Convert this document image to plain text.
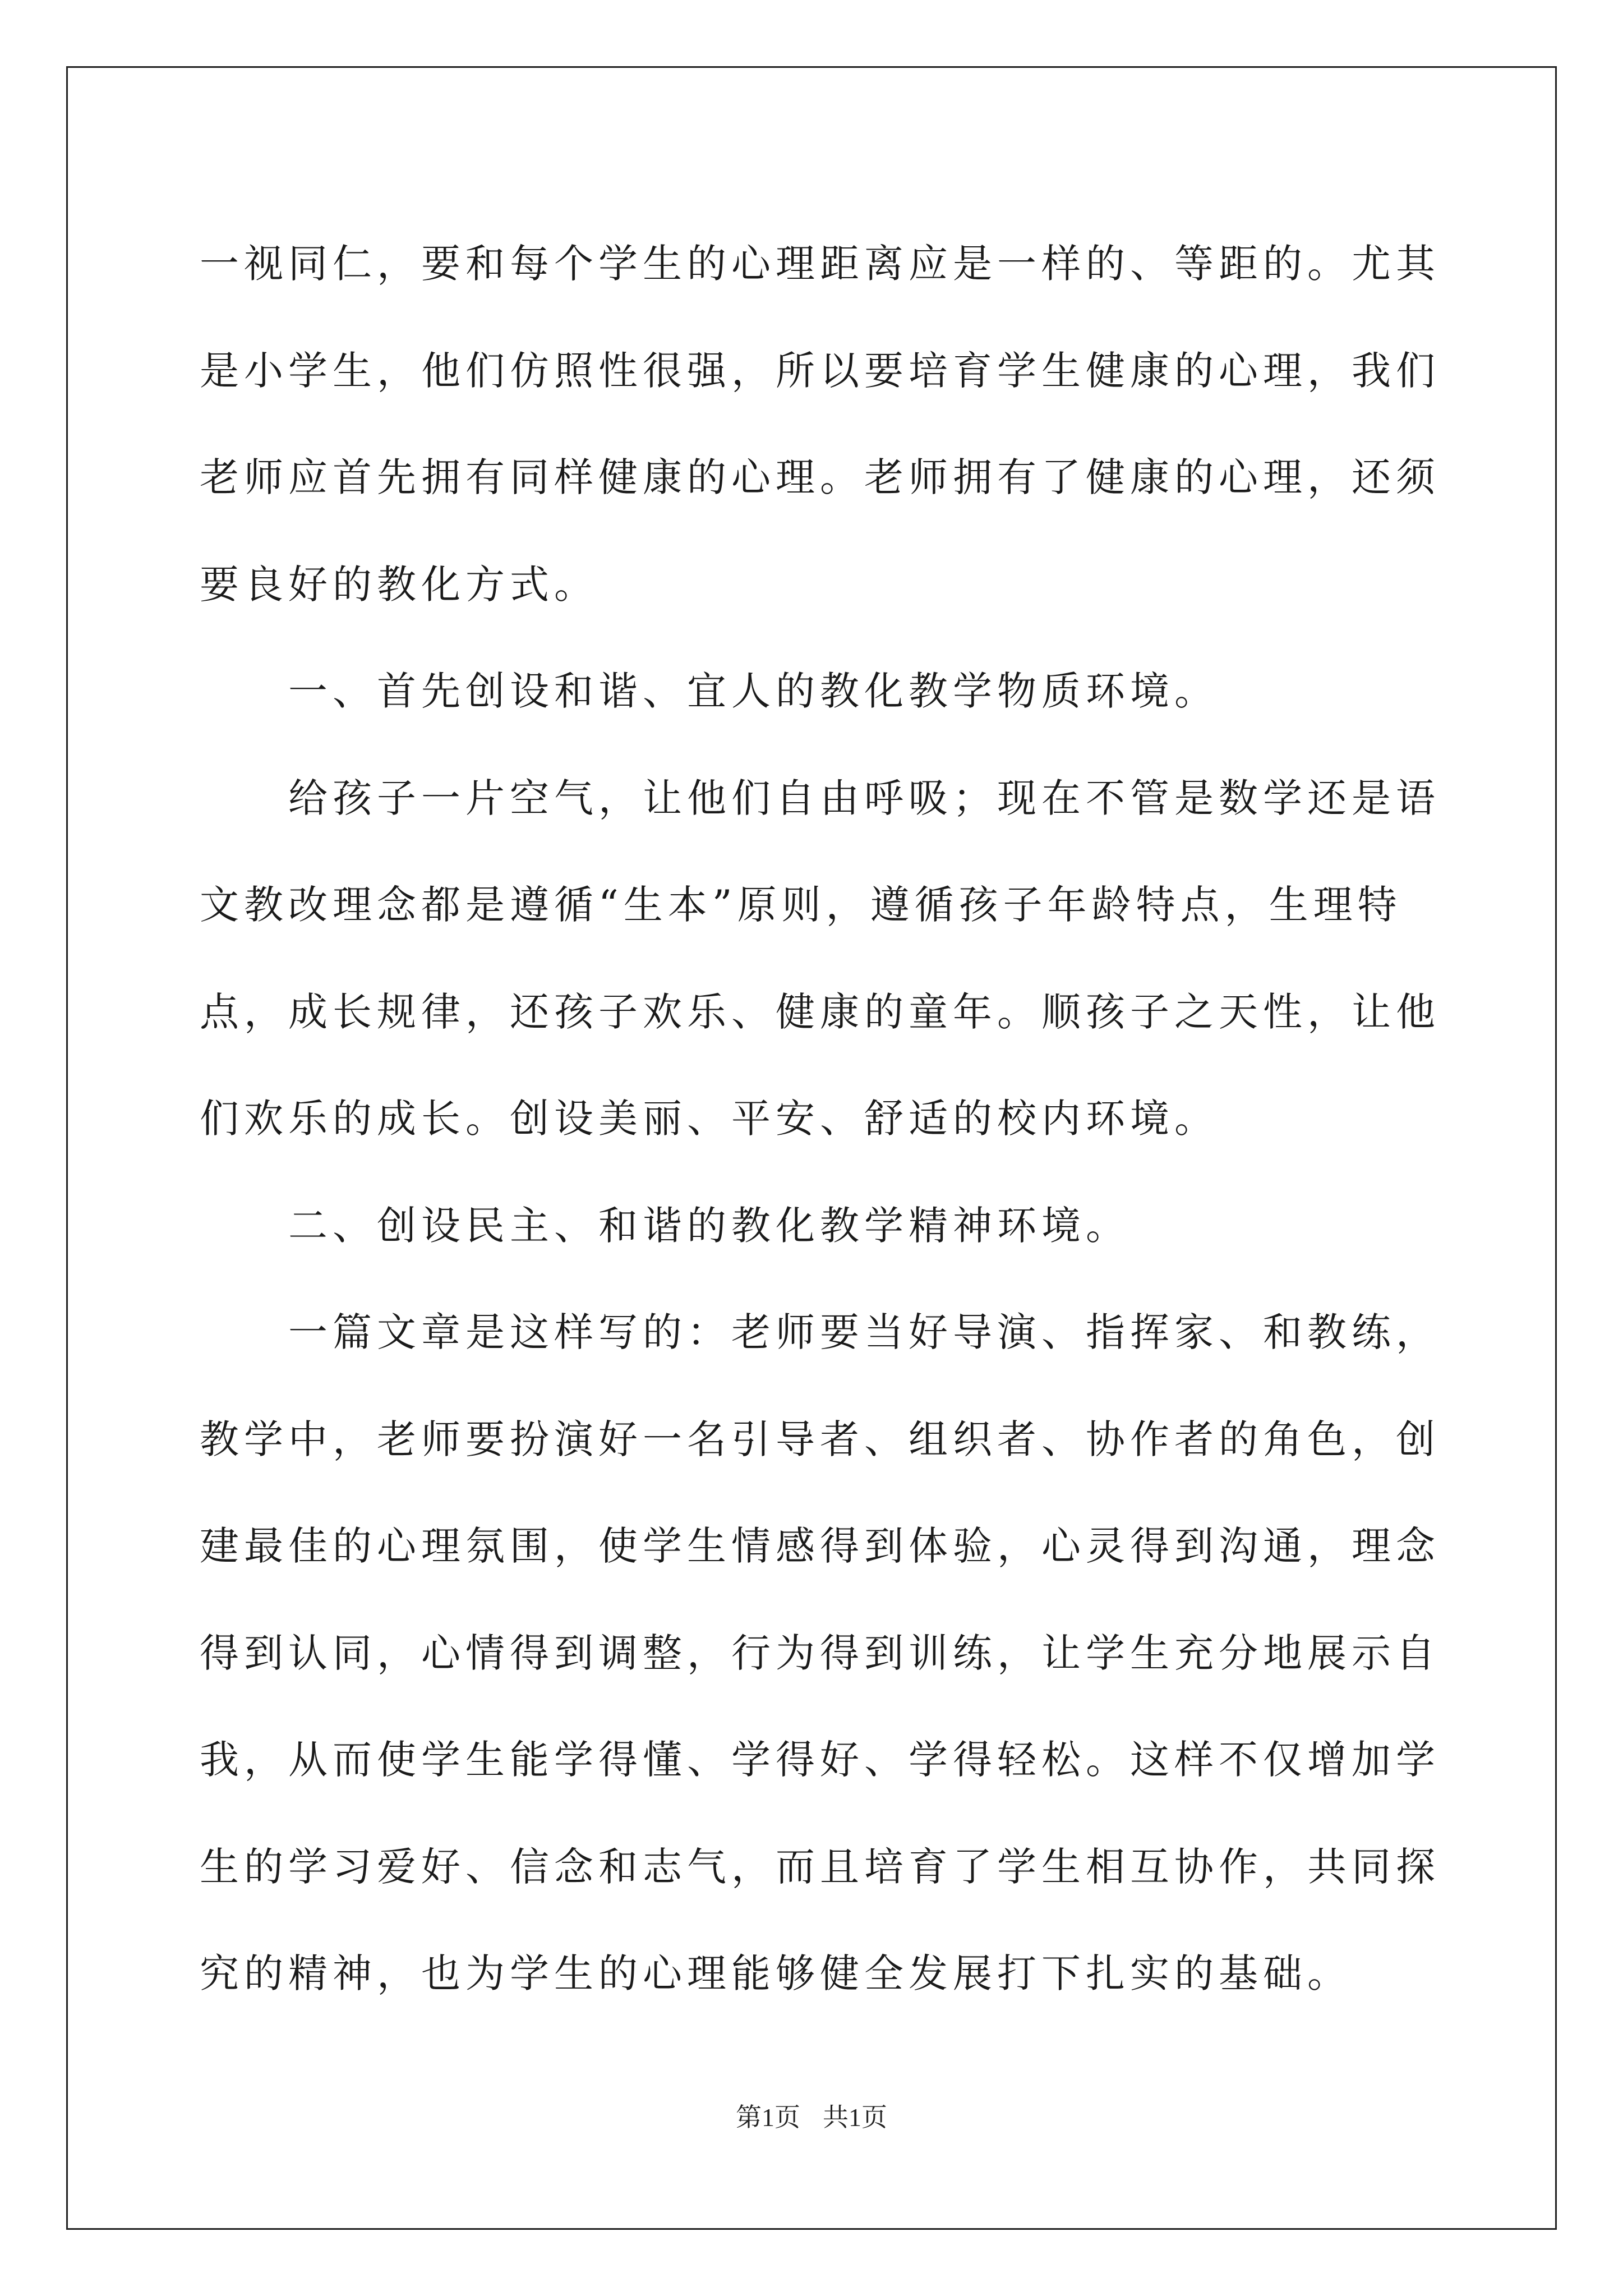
一视同仁，要和每个学生的心理距离应是一样的、等距的。尤其是小学生，他们仿照性很强，所以要培育学生健康的心理，我们老师应首先拥有同样健康的心理。老师拥有了健康的心理，还须要良好的教化方式。

一、首先创设和谐、宜人的教化教学物质环境。

给孩子一片空气，让他们自由呼吸；现在不管是数学还是语文教改理念都是遵循“生本”原则，遵循孩子年龄特点，生理特点，成长规律，还孩子欢乐、健康的童年。顺孩子之天性，让他们欢乐的成长。创设美丽、平安、舒适的校内环境。

二、创设民主、和谐的教化教学精神环境。

一篇文章是这样写的：老师要当好导演、指挥家、和教练，教学中，老师要扮演好一名引导者、组织者、协作者的角色，创建最佳的心理氛围，使学生情感得到体验，心灵得到沟通，理念得到认同，心情得到调整，行为得到训练，让学生充分地展示自我，从而使学生能学得懂、学得好、学得轻松。这样不仅增加学生的学习爱好、信念和志气，而且培育了学生相互协作，共同探究的精神，也为学生的心理能够健全发展打下扎实的基础。

第1页 共1页
